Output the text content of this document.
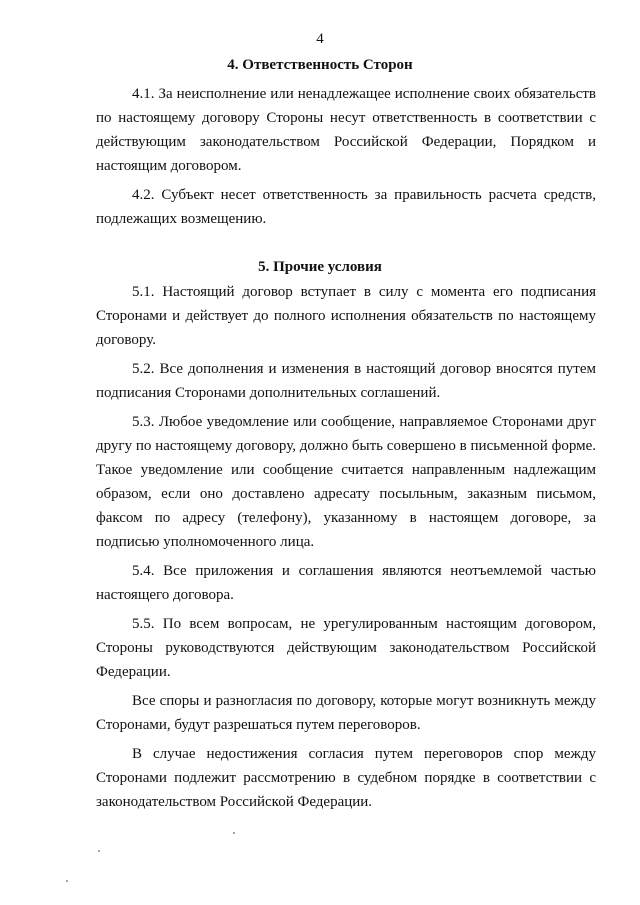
4
4. Ответственность Сторон

4.1. За неисполнение или ненадлежащее исполнение своих обязательств по настоящему договору Стороны несут ответственность в соответствии с действующим законодательством Российской Федерации, Порядком и настоящим договором.

4.2. Субъект несет ответственность за правильность расчета средств, подлежащих возмещению.

5. Прочие условия

5.1. Настоящий договор вступает в силу с момента его подписания Сторонами и действует до полного исполнения обязательств по настоящему договору.

5.2. Все дополнения и изменения в настоящий договор вносятся путем подписания Сторонами дополнительных соглашений.

5.3. Любое уведомление или сообщение, направляемое Сторонами друг другу по настоящему договору, должно быть совершено в письменной форме. Такое уведомление или сообщение считается направленным надлежащим образом, если оно доставлено адресату посыльным, заказным письмом, факсом по адресу (телефону), указанному в настоящем договоре, за подписью уполномоченного лица.

5.4. Все приложения и соглашения являются неотъемлемой частью настоящего договора.

5.5. По всем вопросам, не урегулированным настоящим договором, Стороны руководствуются действующим законодательством Российской Федерации.

Все споры и разногласия по договору, которые могут возникнуть между Сторонами, будут разрешаться путем переговоров.

В случае недостижения согласия путем переговоров спор между Сторонами подлежит рассмотрению в судебном порядке в соответствии с законодательством Российской Федерации.
